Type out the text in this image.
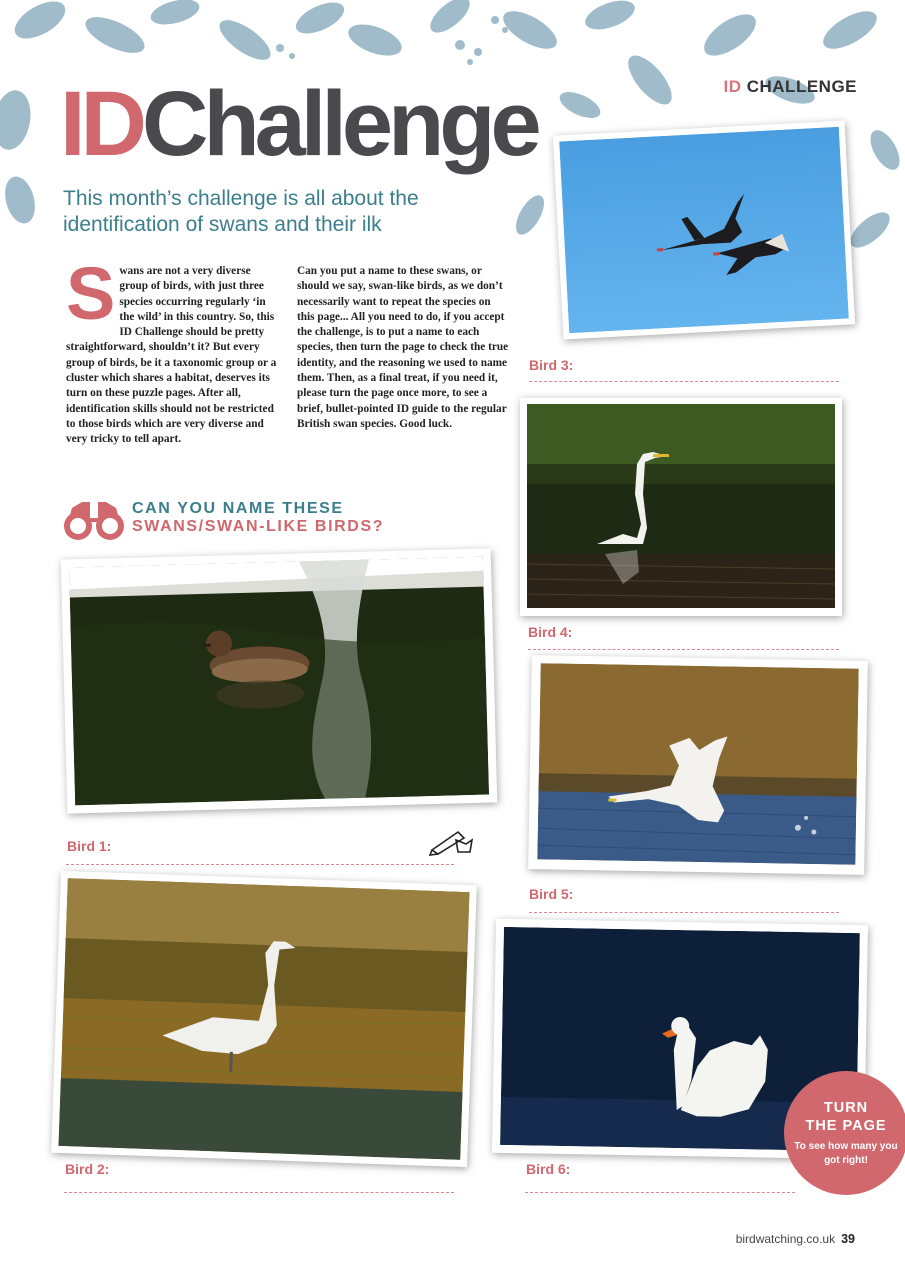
ID CHALLENGE
IDChallenge
This month’s challenge is all about the identification of swans and their ilk
Swans are not a very diverse group of birds, with just three species occurring regularly ‘in the wild’ in this country. So, this ID Challenge should be pretty straightforward, shouldn’t it? But every group of birds, be it a taxonomic group or a cluster which shares a habitat, deserves its turn on these puzzle pages. After all, identification skills should not be restricted to those birds which are very diverse and very tricky to tell apart.
Can you put a name to these swans, or should we say, swan-like birds, as we don’t necessarily want to repeat the species on this page... All you need to do, if you accept the challenge, is to put a name to each species, then turn the page to check the true identity, and the reasoning we used to name them. Then, as a final treat, if you need it, please turn the page once more, to see a brief, bullet-pointed ID guide to the regular British swan species. Good luck.
CAN YOU NAME THESE
SWANS/SWAN-LIKE BIRDS?
Bird 1:
Bird 3:
Bird 4:
Bird 5:
Bird 2:	Bird 6:
TURN
THE PAGE
To see how many you got right!
birdwatching.co.uk 39
